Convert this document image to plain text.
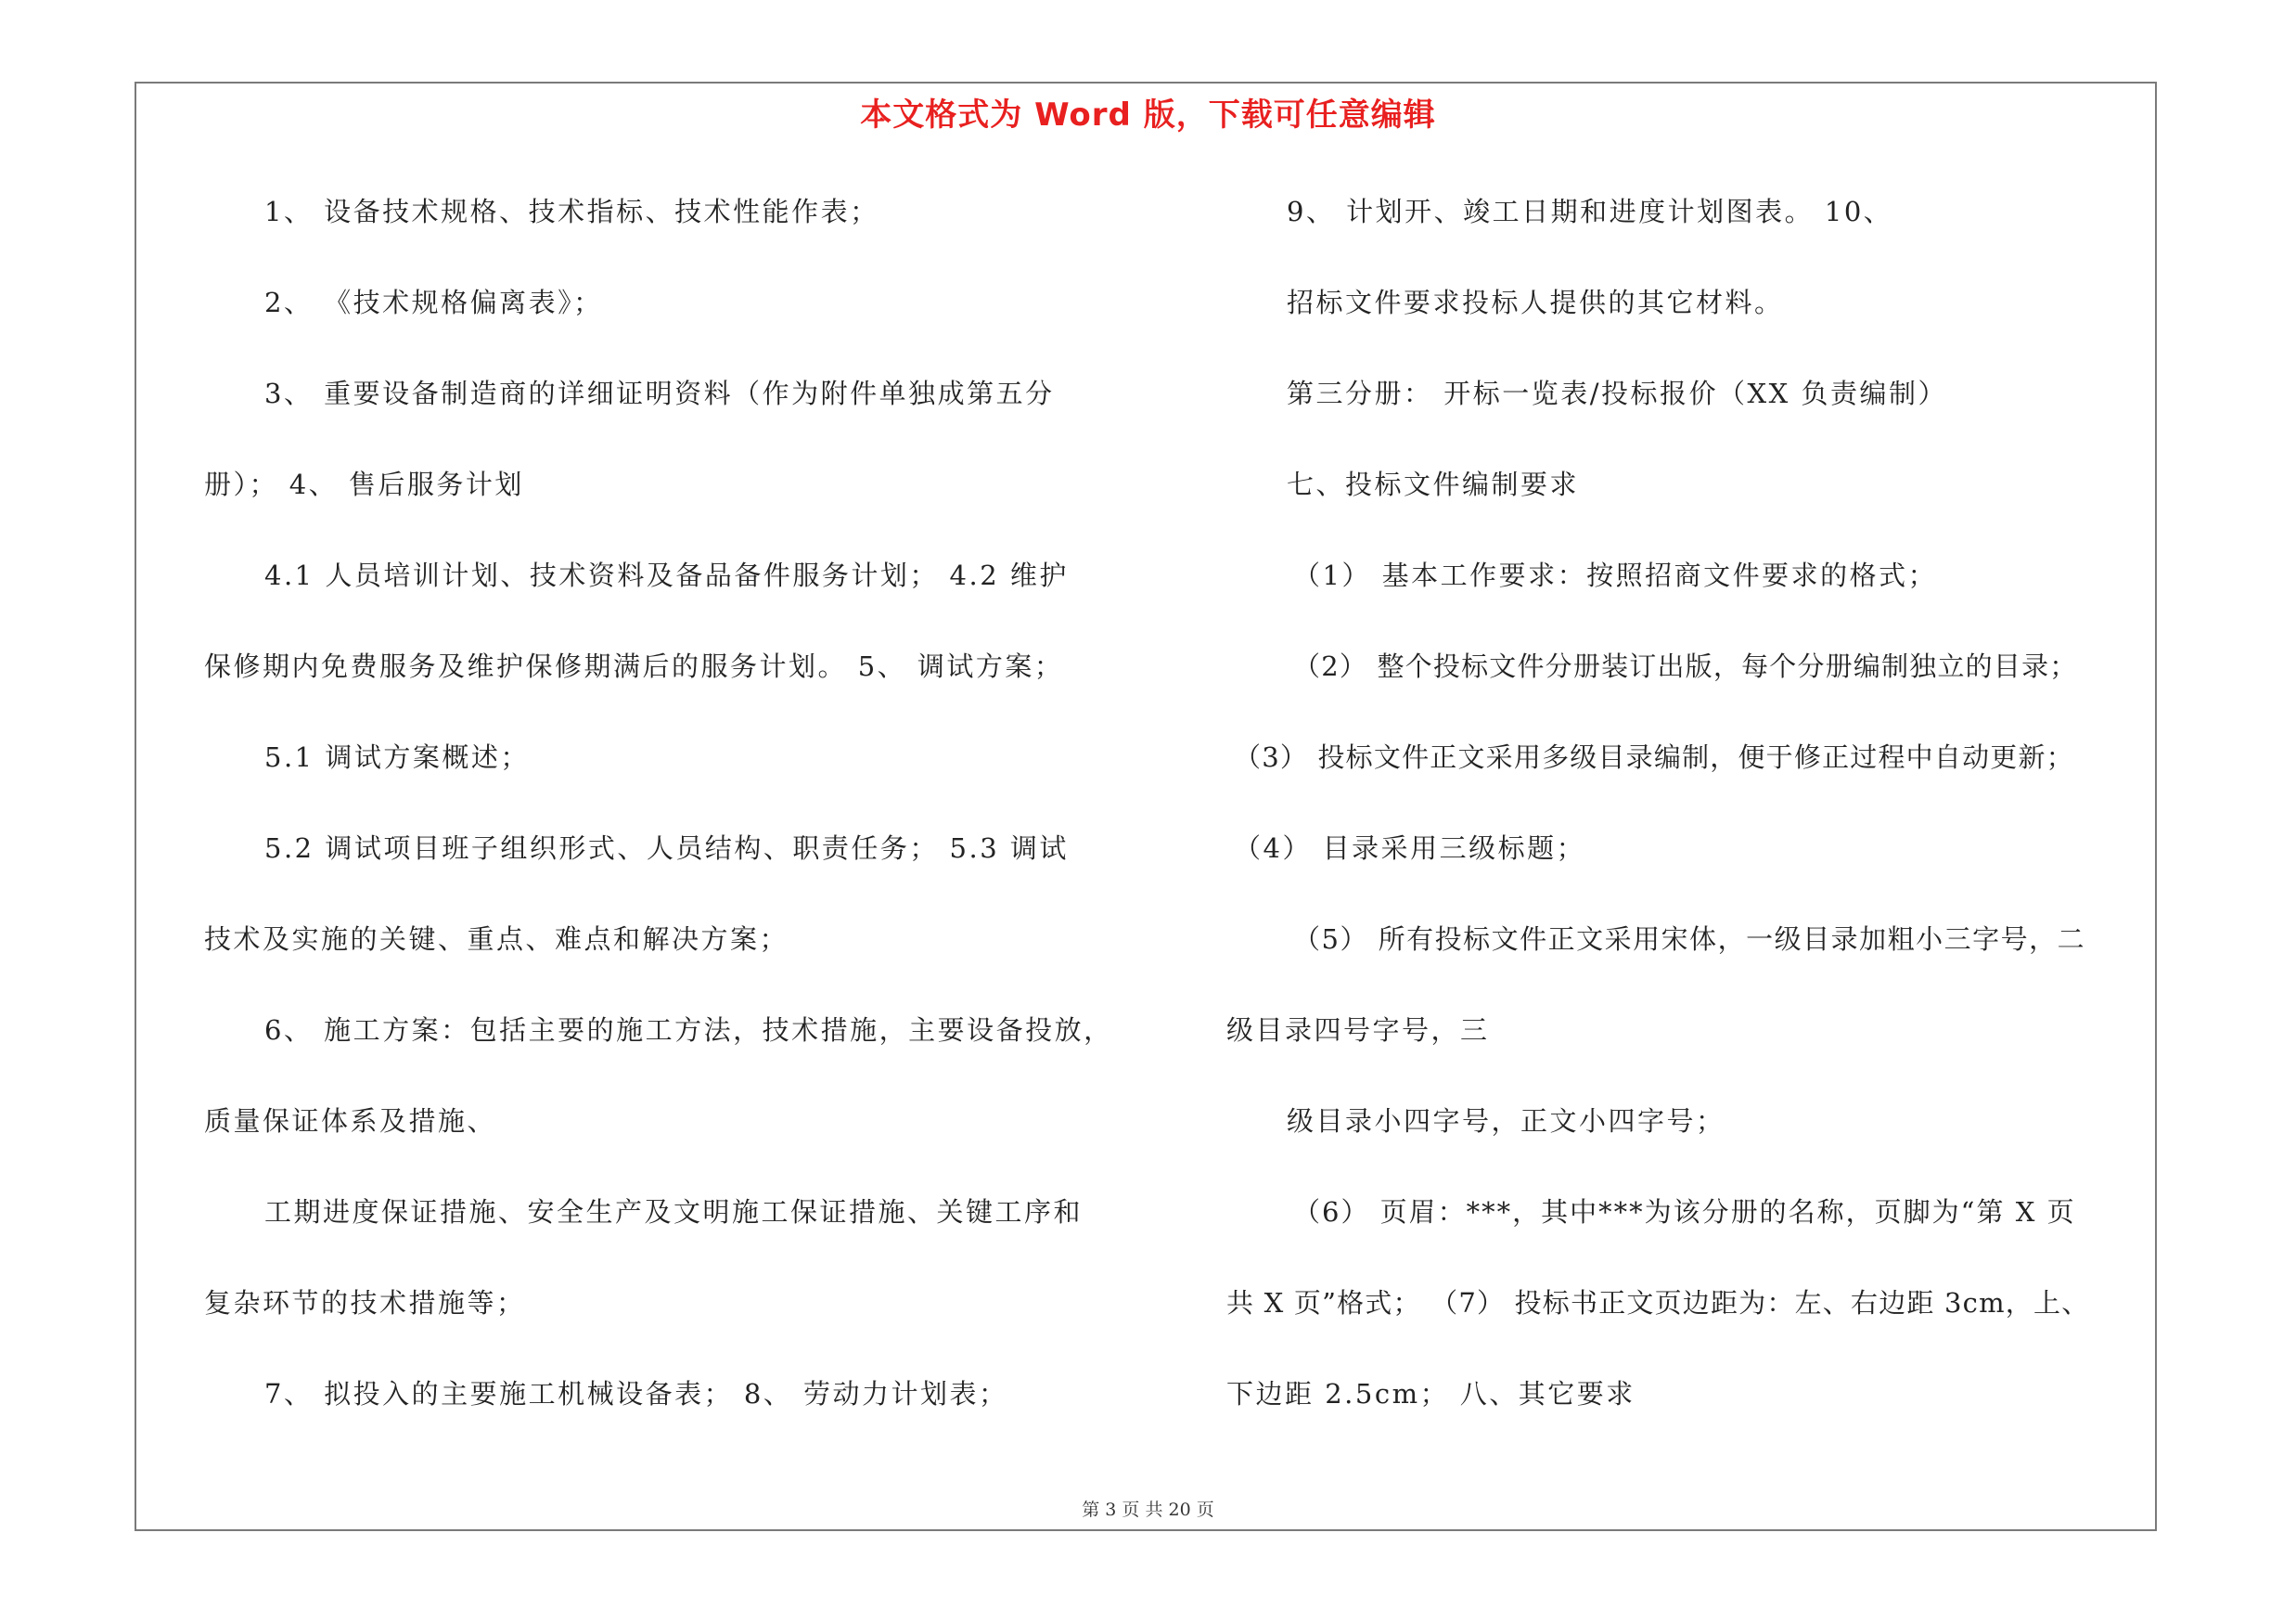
本文格式为 Word 版，下载可任意编辑
1、 设备技术规格、技术指标、技术性能作表；
2、 《技术规格偏离表》；
3、 重要设备制造商的详细证明资料（作为附件单独成第五分
册）； 4、 售后服务计划
4.1 人员培训计划、技术资料及备品备件服务计划； 4.2 维护
保修期内免费服务及维护保修期满后的服务计划。 5、 调试方案；
5.1 调试方案概述；
5.2 调试项目班子组织形式、人员结构、职责任务； 5.3 调试
技术及实施的关键、重点、难点和解决方案；
6、 施工方案：包括主要的施工方法，技术措施，主要设备投放，
质量保证体系及措施、
工期进度保证措施、安全生产及文明施工保证措施、关键工序和
复杂环节的技术措施等；
7、 拟投入的主要施工机械设备表； 8、 劳动力计划表；
9、 计划开、竣工日期和进度计划图表。 10、
招标文件要求投标人提供的其它材料。
第三分册： 开标一览表/投标报价（XX 负责编制）
七、投标文件编制要求
（1） 基本工作要求：按照招商文件要求的格式；
（2） 整个投标文件分册装订出版，每个分册编制独立的目录；
（3） 投标文件正文采用多级目录编制，便于修正过程中自动更新；
（4） 目录采用三级标题；
（5） 所有投标文件正文采用宋体，一级目录加粗小三字号，二
级目录四号字号，三
级目录小四字号，正文小四字号；
（6） 页眉：***，其中***为该分册的名称，页脚为“第 X 页
共 X 页”格式； （7） 投标书正文页边距为：左、右边距 3cm，上、
下边距 2.5cm； 八、其它要求
第 3 页 共 20 页
